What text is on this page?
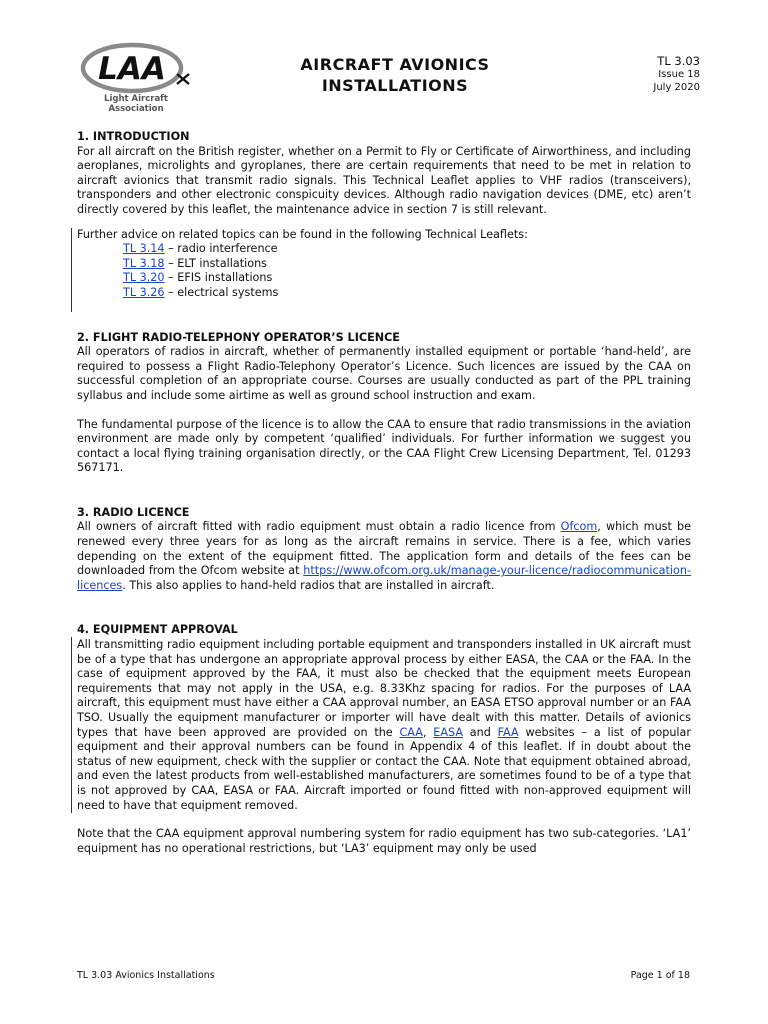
LAA
Light Aircraft Association
AIRCRAFT AVIONICS
INSTALLATIONS
TL 3.03
Issue 18
July 2020
1. INTRODUCTION

For all aircraft on the British register, whether on a Permit to Fly or Certificate of Airworthiness, and including aeroplanes, microlights and gyroplanes, there are certain requirements that need to be met in relation to aircraft avionics that transmit radio signals. This Technical Leaflet applies to VHF radios (transceivers), transponders and other electronic conspicuity devices. Although radio navigation devices (DME, etc) aren’t directly covered by this leaflet, the maintenance advice in section 7 is still relevant.

Further advice on related topics can be found in the following Technical Leaflets:

TL 3.14 – radio interference
TL 3.18 – ELT installations
TL 3.20 – EFIS installations
TL 3.26 – electrical systems
2. FLIGHT RADIO-TELEPHONY OPERATOR’S LICENCE

All operators of radios in aircraft, whether of permanently installed equipment or portable ‘hand-held’, are required to possess a Flight Radio-Telephony Operator’s Licence. Such licences are issued by the CAA on successful completion of an appropriate course. Courses are usually conducted as part of the PPL training syllabus and include some airtime as well as ground school instruction and exam.

The fundamental purpose of the licence is to allow the CAA to ensure that radio transmissions in the aviation environment are made only by competent ‘qualified’ individuals. For further information we suggest you contact a local flying training organisation directly, or the CAA Flight Crew Licensing Department, Tel. 01293 567171.

3. RADIO LICENCE

All owners of aircraft fitted with radio equipment must obtain a radio licence from Ofcom, which must be renewed every three years for as long as the aircraft remains in service. There is a fee, which varies depending on the extent of the equipment fitted. The application form and details of the fees can be downloaded from the Ofcom website at https://www.ofcom.org.uk/manage-your-licence/radiocommunication-licences. This also applies to hand-held radios that are installed in aircraft.

4. EQUIPMENT APPROVAL

All transmitting radio equipment including portable equipment and transponders installed in UK aircraft must be of a type that has undergone an appropriate approval process by either EASA, the CAA or the FAA. In the case of equipment approved by the FAA, it must also be checked that the equipment meets European requirements that may not apply in the USA, e.g. 8.33Khz spacing for radios. For the purposes of LAA aircraft, this equipment must have either a CAA approval number, an EASA ETSO approval number or an FAA TSO. Usually the equipment manufacturer or importer will have dealt with this matter. Details of avionics types that have been approved are provided on the CAA, EASA and FAA websites – a list of popular equipment and their approval numbers can be found in Appendix 4 of this leaflet. If in doubt about the status of new equipment, check with the supplier or contact the CAA. Note that equipment obtained abroad, and even the latest products from well-established manufacturers, are sometimes found to be of a type that is not approved by CAA, EASA or FAA. Aircraft imported or found fitted with non-approved equipment will need to have that equipment removed.

Note that the CAA equipment approval numbering system for radio equipment has two sub-categories. ‘LA1’ equipment has no operational restrictions, but ‘LA3’ equipment may only be used

TL 3.03 Avionics Installations	Page 1 of 18
